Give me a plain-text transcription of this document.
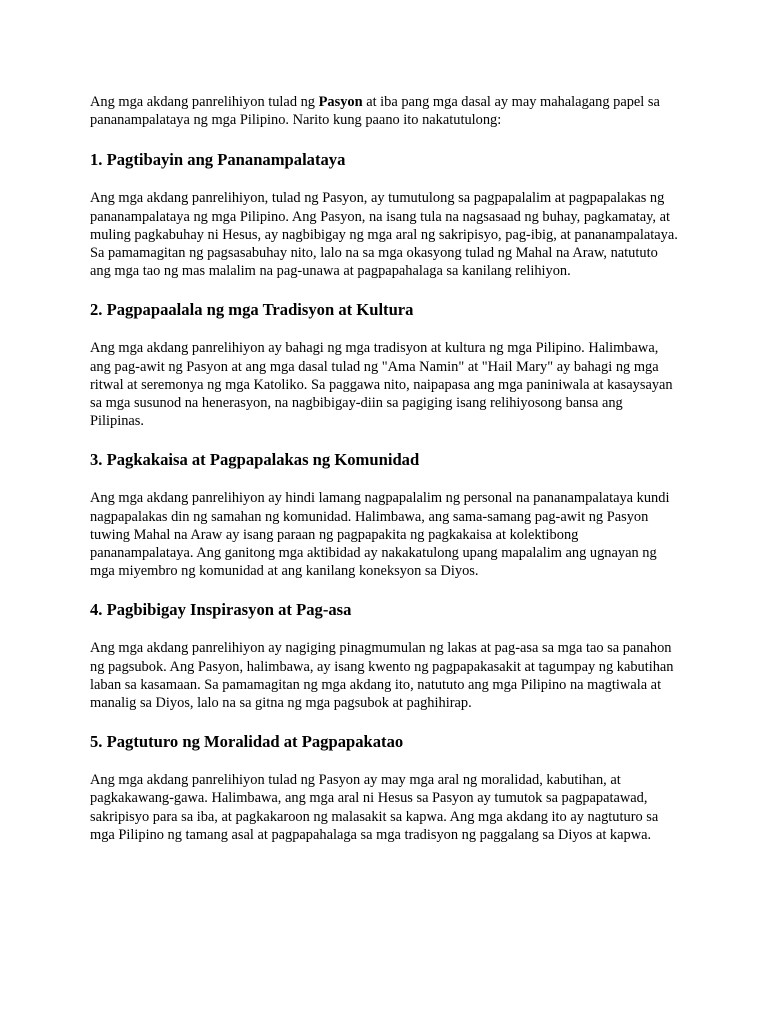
Ang mga akdang panrelihiyon tulad ng Pasyon at iba pang mga dasal ay may mahalagang papel sa pananampalataya ng mga Pilipino. Narito kung paano ito nakatutulong:

1. Pagtibayin ang Pananampalataya

Ang mga akdang panrelihiyon, tulad ng Pasyon, ay tumutulong sa pagpapalalim at pagpapalakas ng pananampalataya ng mga Pilipino. Ang Pasyon, na isang tula na nagsasaad ng buhay, pagkamatay, at muling pagkabuhay ni Hesus, ay nagbibigay ng mga aral ng sakripisyo, pag-ibig, at pananampalataya. Sa pamamagitan ng pagsasabuhay nito, lalo na sa mga okasyong tulad ng Mahal na Araw, natututo ang mga tao ng mas malalim na pag-unawa at pagpapahalaga sa kanilang relihiyon.

2. Pagpapaalala ng mga Tradisyon at Kultura

Ang mga akdang panrelihiyon ay bahagi ng mga tradisyon at kultura ng mga Pilipino. Halimbawa, ang pag-awit ng Pasyon at ang mga dasal tulad ng "Ama Namin" at "Hail Mary" ay bahagi ng mga ritwal at seremonya ng mga Katoliko. Sa paggawa nito, naipapasa ang mga paniniwala at kasaysayan sa mga susunod na henerasyon, na nagbibigay-diin sa pagiging isang relihiyosong bansa ang Pilipinas.

3. Pagkakaisa at Pagpapalakas ng Komunidad

Ang mga akdang panrelihiyon ay hindi lamang nagpapalalim ng personal na pananampalataya kundi nagpapalakas din ng samahan ng komunidad. Halimbawa, ang sama-samang pag-awit ng Pasyon tuwing Mahal na Araw ay isang paraan ng pagpapakita ng pagkakaisa at kolektibong pananampalataya. Ang ganitong mga aktibidad ay nakakatulong upang mapalalim ang ugnayan ng mga miyembro ng komunidad at ang kanilang koneksyon sa Diyos.

4. Pagbibigay Inspirasyon at Pag-asa

Ang mga akdang panrelihiyon ay nagiging pinagmumulan ng lakas at pag-asa sa mga tao sa panahon ng pagsubok. Ang Pasyon, halimbawa, ay isang kwento ng pagpapakasakit at tagumpay ng kabutihan laban sa kasamaan. Sa pamamagitan ng mga akdang ito, natututo ang mga Pilipino na magtiwala at manalig sa Diyos, lalo na sa gitna ng mga pagsubok at paghihirap.

5. Pagtuturo ng Moralidad at Pagpapakatao

Ang mga akdang panrelihiyon tulad ng Pasyon ay may mga aral ng moralidad, kabutihan, at pagkakawang-gawa. Halimbawa, ang mga aral ni Hesus sa Pasyon ay tumutok sa pagpapatawad, sakripisyo para sa iba, at pagkakaroon ng malasakit sa kapwa. Ang mga akdang ito ay nagtuturo sa mga Pilipino ng tamang asal at pagpapahalaga sa mga tradisyon ng paggalang sa Diyos at kapwa.
